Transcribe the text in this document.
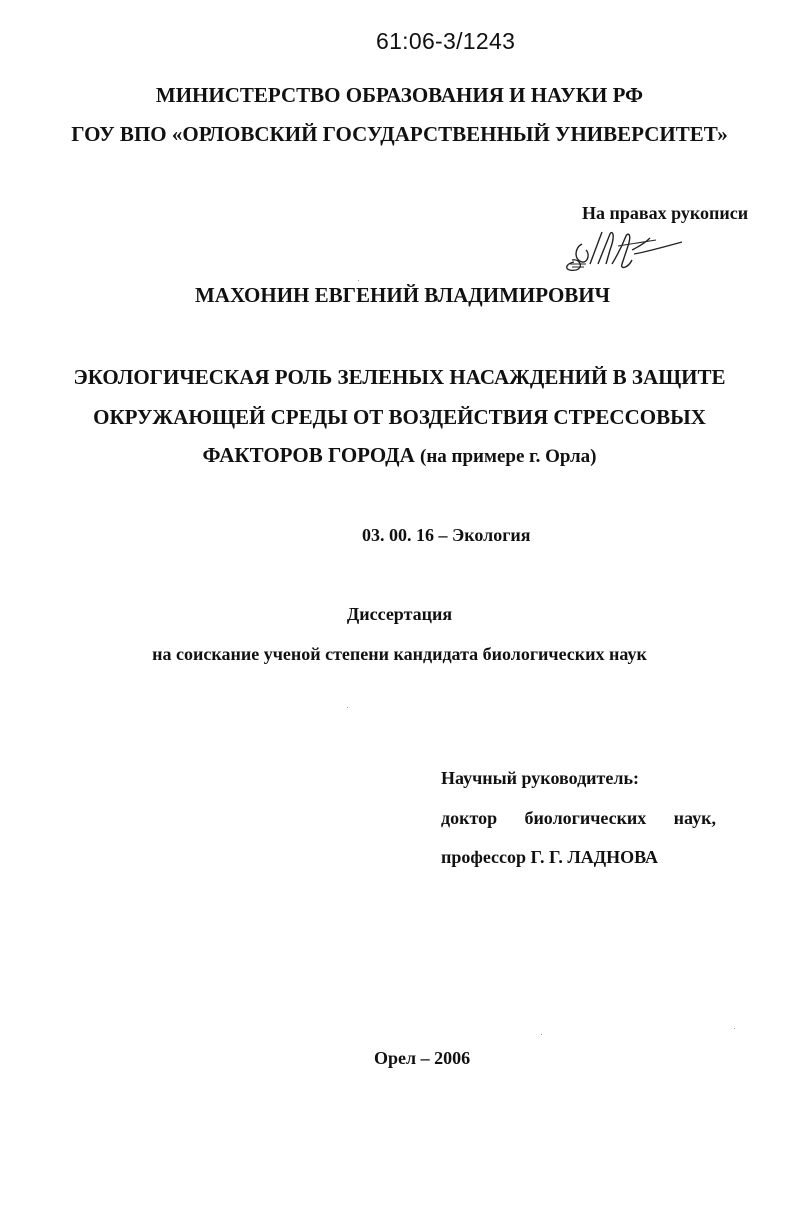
61:06-3/1243
МИНИСТЕРСТВО ОБРАЗОВАНИЯ И НАУКИ РФ
ГОУ ВПО «ОРЛОВСКИЙ ГОСУДАРСТВЕННЫЙ УНИВЕРСИТЕТ»
На правах рукописи
МАХОНИН ЕВГЕНИЙ ВЛАДИМИРОВИЧ
ЭКОЛОГИЧЕСКАЯ РОЛЬ ЗЕЛЕНЫХ НАСАЖДЕНИЙ В ЗАЩИТЕ
ОКРУЖАЮЩЕЙ СРЕДЫ ОТ ВОЗДЕЙСТВИЯ СТРЕССОВЫХ
ФАКТОРОВ ГОРОДА (на примере г. Орла)
03. 00. 16 – Экология
Диссертация
на соискание ученой степени кандидата биологических наук
Научный руководитель:
доктор биологических наук,
профессор Г. Г. ЛАДНОВА
Орел – 2006
